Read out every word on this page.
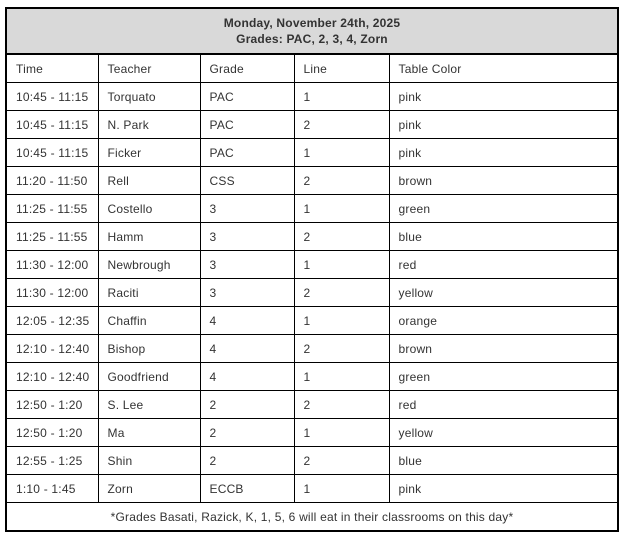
Monday, November 24th, 2025
Grades: PAC, 2, 3, 4, Zorn				

Time	Teacher	Grade	Line	Table Color
10:45 - 11:15	Torquato	PAC	1	pink
10:45 - 11:15	N. Park	PAC	2	pink
10:45 - 11:15	Ficker	PAC	1	pink
11:20 - 11:50	Rell	CSS	2	brown
11:25 - 11:55	Costello	3	1	green
11:25 - 11:55	Hamm	3	2	blue
11:30 - 12:00	Newbrough	3	1	red
11:30 - 12:00	Raciti	3	2	yellow
12:05 - 12:35	Chaffin	4	1	orange
12:10 - 12:40	Bishop	4	2	brown
12:10 - 12:40	Goodfriend	4	1	green
12:50 - 1:20	S. Lee	2	2	red
12:50 - 1:20	Ma	2	1	yellow
12:55 - 1:25	Shin	2	2	blue
1:10 - 1:45	Zorn	ECCB	1	pink
*Grades Basati, Razick, K, 1, 5, 6 will eat in their classrooms on this day*				
